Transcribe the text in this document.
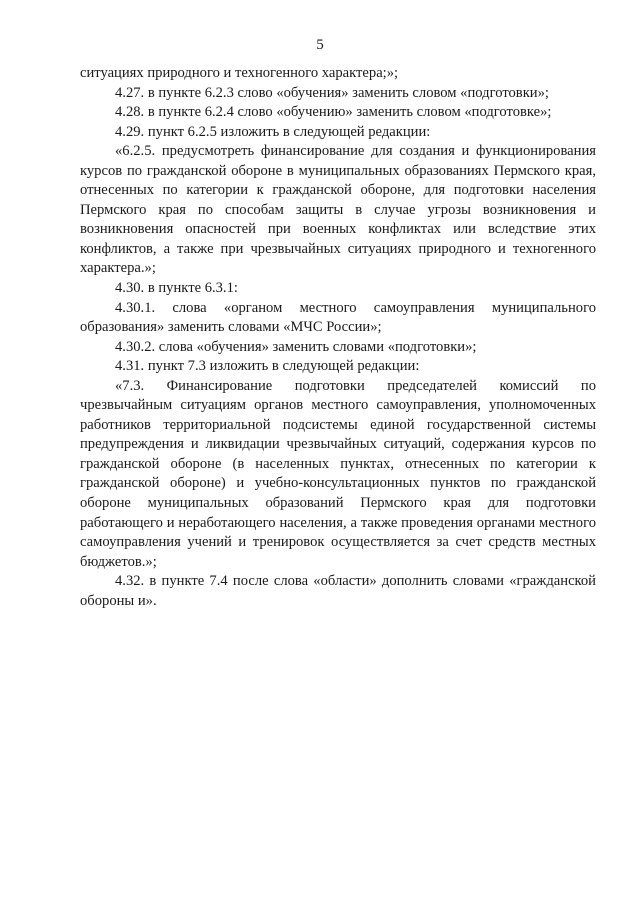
5

ситуациях природного и техногенного характера;»;

4.27. в пункте 6.2.3 слово «обучения» заменить словом «подготовки»;

4.28. в пункте 6.2.4 слово «обучению» заменить словом «подготовке»;

4.29. пункт 6.2.5 изложить в следующей редакции:

«6.2.5. предусмотреть финансирование для создания и функционирования курсов по гражданской обороне в муниципальных образованиях Пермского края, отнесенных по категории к гражданской обороне, для подготовки населения Пермского края по способам защиты в случае угрозы возникновения и возникновения опасностей при военных конфликтах или вследствие этих конфликтов, а также при чрезвычайных ситуациях природного и техногенного характера.»;

4.30. в пункте 6.3.1:

4.30.1. слова «органом местного самоуправления муниципального образования» заменить словами «МЧС России»;

4.30.2. слова «обучения» заменить словами «подготовки»;

4.31. пункт 7.3 изложить в следующей редакции:

«7.3. Финансирование подготовки председателей комиссий по чрезвычайным ситуациям органов местного самоуправления, уполномоченных работников территориальной подсистемы единой государственной системы предупреждения и ликвидации чрезвычайных ситуаций, содержания курсов по гражданской обороне (в населенных пунктах, отнесенных по категории к гражданской обороне) и учебно-консультационных пунктов по гражданской обороне муниципальных образований Пермского края для подготовки работающего и неработающего населения, а также проведения органами местного самоуправления учений и тренировок осуществляется за счет средств местных бюджетов.»;

4.32. в пункте 7.4 после слова «области» дополнить словами «гражданской обороны и».
